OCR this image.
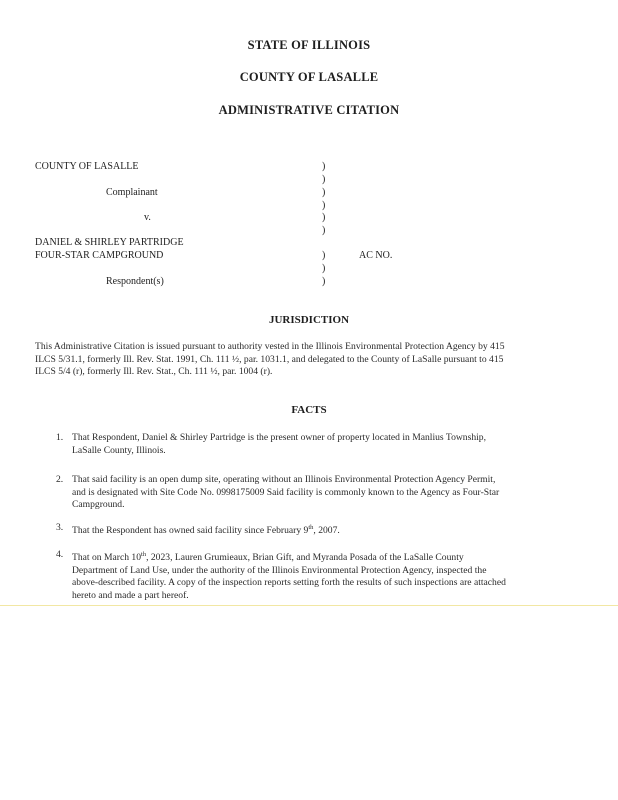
STATE OF ILLINOIS
COUNTY OF LASALLE
ADMINISTRATIVE CITATION
COUNTY OF LASALLE
Complainant
v.
DANIEL & SHIRLEY PARTRIDGE
FOUR-STAR CAMPGROUND
Respondent(s)
)
)
)
)
)
)
)
)
)
AC NO.
JURISDICTION
This Administrative Citation is issued pursuant to authority vested in the Illinois Environmental Protection Agency by 415
ILCS 5/31.1, formerly Ill. Rev. Stat. 1991, Ch. 111 ½, par. 1031.1, and delegated to the County of LaSalle pursuant to 415
ILCS 5/4 (r), formerly Ill. Rev. Stat., Ch. 111 ½, par. 1004 (r).
FACTS
1. That Respondent, Daniel & Shirley Partridge is the present owner of property located in Manlius Township,
LaSalle County, Illinois.
2. That said facility is an open dump site, operating without an Illinois Environmental Protection Agency Permit,
and is designated with Site Code No. 0998175009 Said facility is commonly known to the Agency as Four-Star
Campground.
3. That the Respondent has owned said facility since February 9th, 2007.
4. That on March 10th, 2023, Lauren Grumieaux, Brian Gift, and Myranda Posada of the LaSalle County
Department of Land Use, under the authority of the Illinois Environmental Protection Agency, inspected the
above-described facility. A copy of the inspection reports setting forth the results of such inspections are attached
hereto and made a part hereof.
